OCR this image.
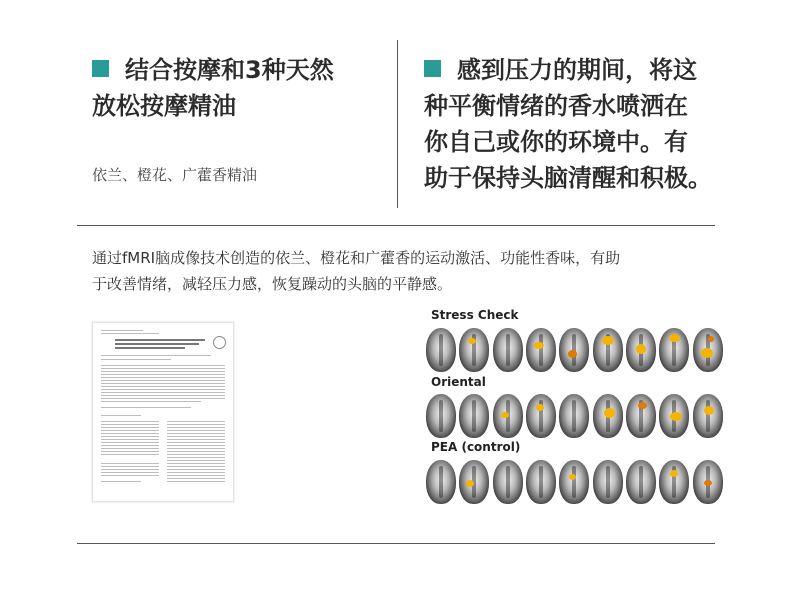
结合按摩和3种天然
放松按摩精油
依兰、橙花、广藿香精油
感到压力的期间，将这
种平衡情绪的香水喷洒在
你自己或你的环境中。有
助于保持头脑清醒和积极。
通过fMRI脑成像技术创造的依兰、橙花和广藿香的运动激活、功能性香味，有助
于改善情绪，减轻压力感，恢复躁动的头脑的平静感。
Stress Check
Oriental
PEA (control)
